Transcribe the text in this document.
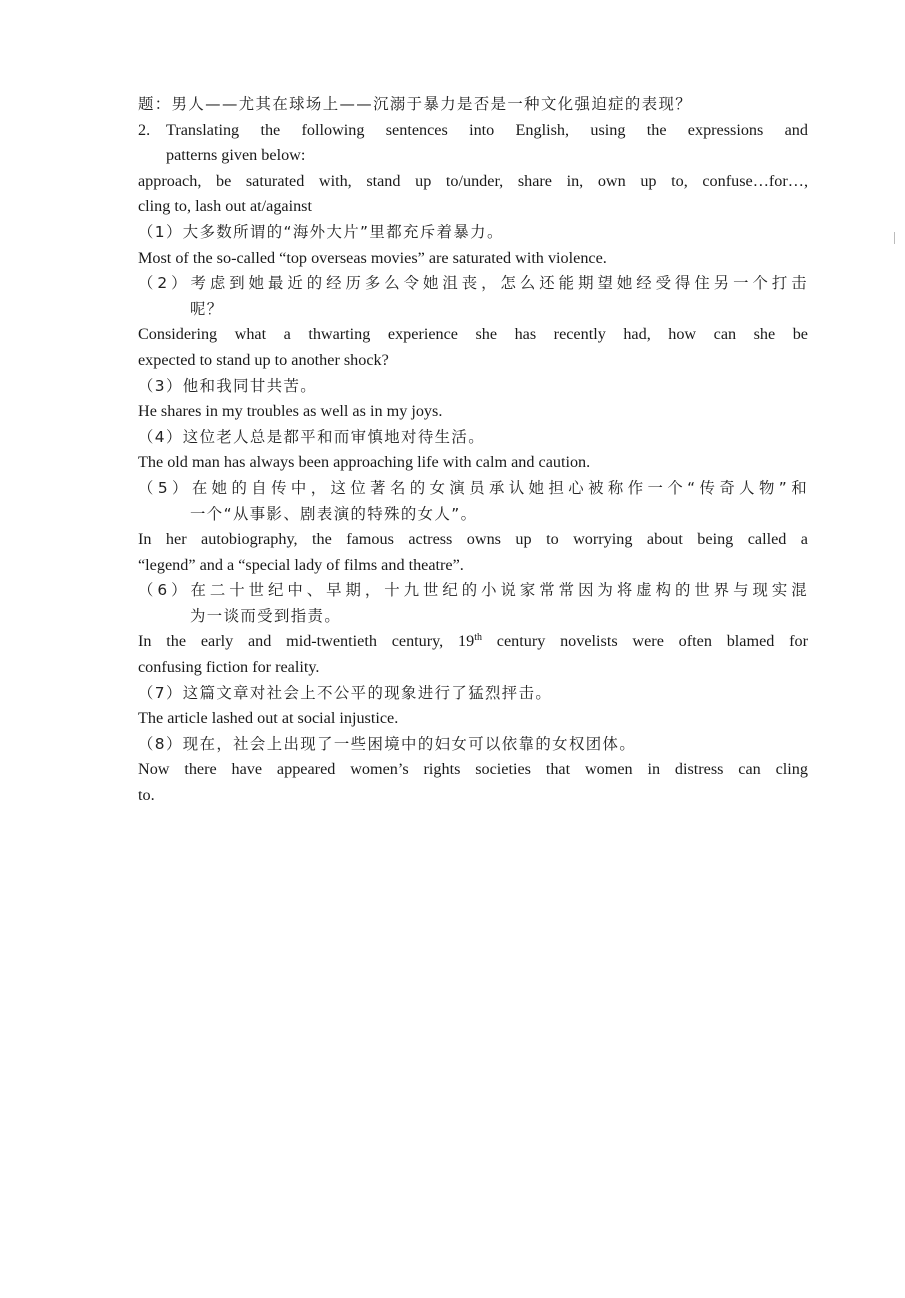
题：男人——尤其在球场上——沉溺于暴力是否是一种文化强迫症的表现？
2. Translating the following sentences into English, using the expressions and
patterns given below:
approach, be saturated with, stand up to/under, share in, own up to, confuse…for…,
cling to, lash out at/against
（1）大多数所谓的“海外大片”里都充斥着暴力。
Most of the so-called “top overseas movies” are saturated with violence.
（2）考虑到她最近的经历多么令她沮丧，怎么还能期望她经受得住另一个打击
呢？
Considering what a thwarting experience she has recently had, how can she be
expected to stand up to another shock?
（3）他和我同甘共苦。
He shares in my troubles as well as in my joys.
（4）这位老人总是都平和而审慎地对待生活。
The old man has always been approaching life with calm and caution.
（5）在她的自传中，这位著名的女演员承认她担心被称作一个“传奇人物”和
一个“从事影、剧表演的特殊的女人”。
In her autobiography, the famous actress owns up to worrying about being called a
“legend” and a “special lady of films and theatre”.
（6）在二十世纪中、早期，十九世纪的小说家常常因为将虚构的世界与现实混
为一谈而受到指责。
In the early and mid-twentieth century, 19th century novelists were often blamed for
confusing fiction for reality.
（7）这篇文章对社会上不公平的现象进行了猛烈抨击。
The article lashed out at social injustice.
（8）现在，社会上出现了一些困境中的妇女可以依靠的女权团体。
Now there have appeared women’s rights societies that women in distress can cling
to.
